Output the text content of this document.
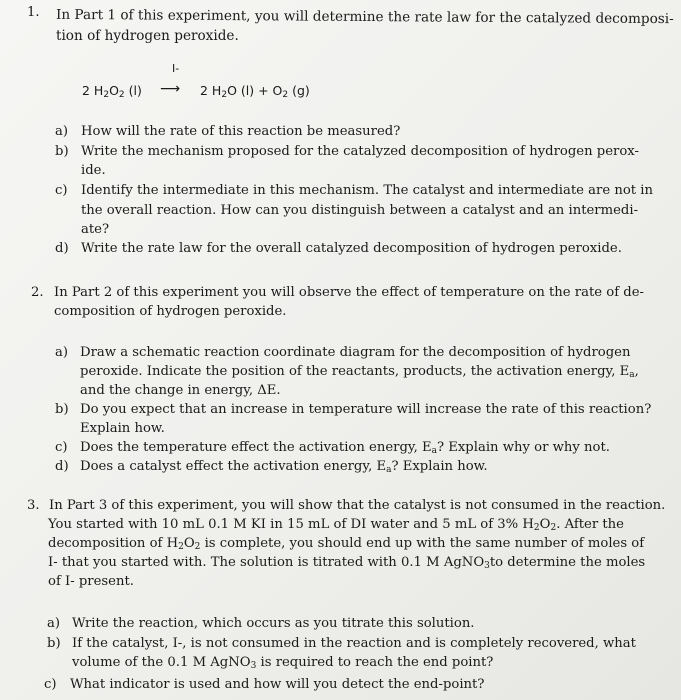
1. In Part 1 of this experiment, you will determine the rate law for the catalyzed decomposi-
tion of hydrogen peroxide.
I-
2 $H_2O_2$ (l) ⟶ 2 $H_2O$ $(l) + O_2$ (g)
a) How will the rate of this reaction be measured?
b) Write the mechanism proposed for the catalyzed decomposition of hydrogen perox-
ide.
c) Identify the intermediate in this mechanism. The catalyst and intermediate are not in
the overall reaction. How can you distinguish between a catalyst and an intermedi-
ate?
d) Write the rate law for the overall catalyzed decomposition of hydrogen peroxide.
2. In Part 2 of this experiment you will observe the effect of temperature on the rate of de-
composition of hydrogen peroxide.
a) Draw a schematic reaction coordinate diagram for the decomposition of hydrogen
peroxide. Indicate the position of the reactants, products, the activation energy, $E_a$,
and the change in energy, ΔE.
b) Do you expect that an increase in temperature will increase the rate of this reaction?
Explain how.
c) Does the temperature effect the activation energy, $E_a$? Explain why or why not.
d) Does a catalyst effect the activation energy, $E_a$? Explain how.
3. In Part 3 of this experiment, you will show that the catalyst is not consumed in the reaction.
You started with 10 mL 0.1 M KI in 15 mL of DI water and 5 mL of 3% $H_2O_2$. After the
decomposition of $H_2O_2$ is complete, you should end up with the same number of moles of
I- that you started with. The solution is titrated with 0.1 M AgNO$_3$to determine the moles
of I- present.
a) Write the reaction, which occurs as you titrate this solution.
b) If the catalyst, I-, is not consumed in the reaction and is completely recovered, what
volume of the 0.1 M AgNO$_3$ is required to reach the end point?
c) What indicator is used and how will you detect the end-point?
